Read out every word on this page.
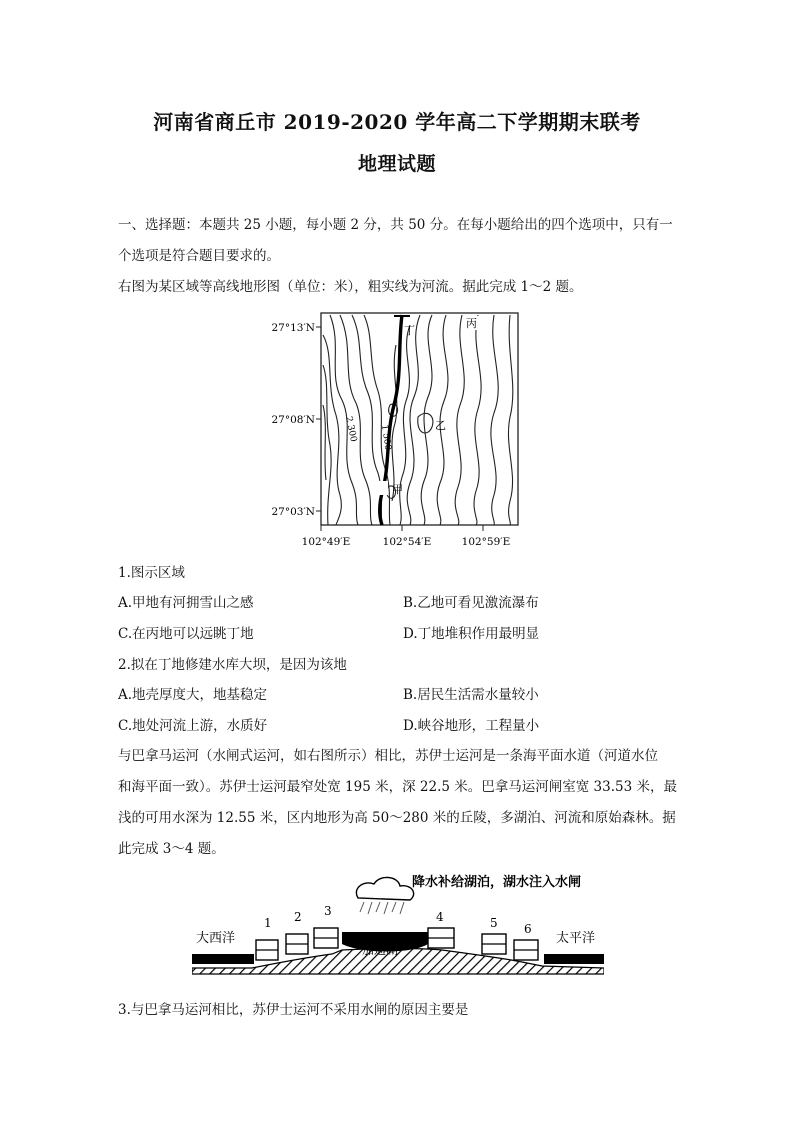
河南省商丘市 2019-2020 学年高二下学期期末联考
地理试题
一、选择题：本题共 25 小题，每小题 2 分，共 50 分。在每小题给出的四个选项中，只有一
个选项是符合题目要求的。
右图为某区域等高线地形图（单位：米），粗实线为河流。据此完成 1～2 题。
27°13′N
27°08′N
27°03′N
102°49′E	102°54′E	102°59′E
2 300 1 500
甲
乙
丙
丁
1.图示区域
A.甲地有河拥雪山之感	B.乙地可看见激流瀑布
C.在丙地可以远眺丁地	D.丁地堆积作用最明显
2.拟在丁地修建水库大坝，是因为该地
A.地壳厚度大，地基稳定	B.居民生活需水量较小
C.地处河流上游，水质好	D.峡谷地形，工程量小
与巴拿马运河（水闸式运河，如右图所示）相比，苏伊士运河是一条海平面水道（河道水位
和海平面一致）。苏伊士运河最窄处宽 195 米，深 22.5 米。巴拿马运河闸室宽 33.53 米，最
浅的可用水深为 12.55 米，区内地形为高 50～280 米的丘陵，多湖泊、河流和原始森林。据
此完成 3～4 题。
降水补给湖泊，湖水注入水闸
加通湖
大西洋	太平洋
1 2 3	4	5 6
3.与巴拿马运河相比，苏伊士运河不采用水闸的原因主要是
